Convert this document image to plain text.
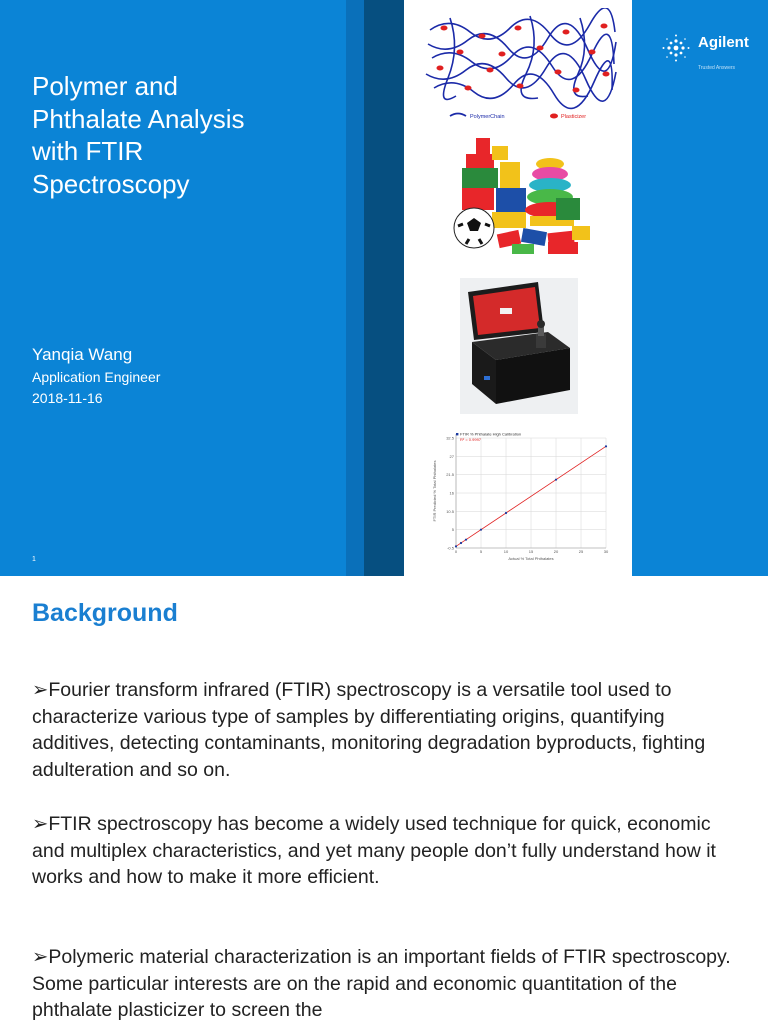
Polymer and
Phthalate Analysis
with FTIR
Spectroscopy
Yanqia Wang
Application Engineer
2018-11-16
1
Agilent
Trusted Answers
PolymerChain	Plasticizer
32.5
27
21.5
16
10.5
5
-0.5
0	5	10	15	20	25	30
FTIR % Phthalate High Calibration
R² = 0.9997
Actual % Total Phthalates
FTIR Predicted % Total Phthalates
Background

➢Fourier transform infrared (FTIR) spectroscopy is a versatile tool used to characterize various type of samples by differentiating origins, quantifying additives, detecting contaminants, monitoring degradation byproducts, fighting adulteration and so on.

➢FTIR spectroscopy has become a widely used technique for quick, economic and multiplex characteristics, and yet many people don’t fully understand how it works and how to make it more efficient.

➢Polymeric material characterization is an important fields of FTIR spectroscopy. Some particular interests are on the rapid and economic quantitation of the phthalate plasticizer to screen the
